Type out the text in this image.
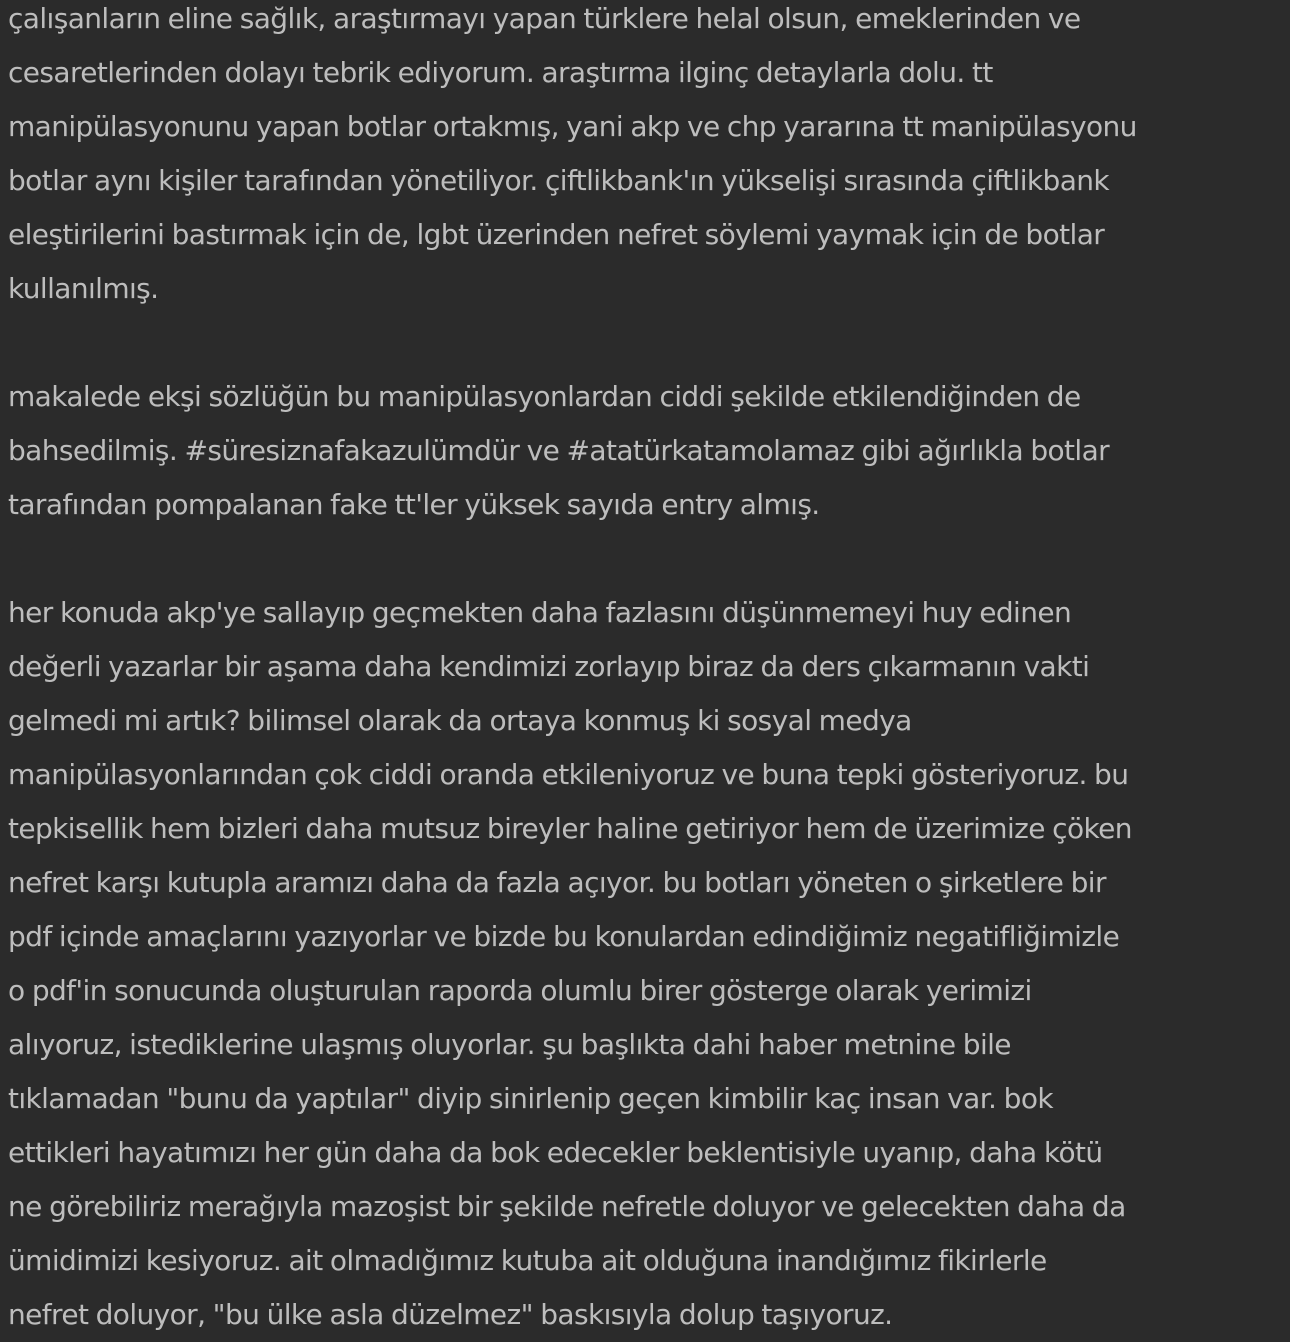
çalışanların eline sağlık, araştırmayı yapan türklere helal olsun, emeklerinden ve
cesaretlerinden dolayı tebrik ediyorum. araştırma ilginç detaylarla dolu. tt
manipülasyonunu yapan botlar ortakmış, yani akp ve chp yararına tt manipülasyonu
botlar aynı kişiler tarafından yönetiliyor. çiftlikbank'ın yükselişi sırasında çiftlikbank
eleştirilerini bastırmak için de, lgbt üzerinden nefret söylemi yaymak için de botlar
kullanılmış.
makalede ekşi sözlüğün bu manipülasyonlardan ciddi şekilde etkilendiğinden de
bahsedilmiş. #süresiznafakazulümdür ve #atatürkatamolamaz gibi ağırlıkla botlar
tarafından pompalanan fake tt'ler yüksek sayıda entry almış.
her konuda akp'ye sallayıp geçmekten daha fazlasını düşünmemeyi huy edinen
değerli yazarlar bir aşama daha kendimizi zorlayıp biraz da ders çıkarmanın vakti
gelmedi mi artık? bilimsel olarak da ortaya konmuş ki sosyal medya
manipülasyonlarından çok ciddi oranda etkileniyoruz ve buna tepki gösteriyoruz. bu
tepkisellik hem bizleri daha mutsuz bireyler haline getiriyor hem de üzerimize çöken
nefret karşı kutupla aramızı daha da fazla açıyor. bu botları yöneten o şirketlere bir
pdf içinde amaçlarını yazıyorlar ve bizde bu konulardan edindiğimiz negatifliğimizle
o pdf'in sonucunda oluşturulan raporda olumlu birer gösterge olarak yerimizi
alıyoruz, istediklerine ulaşmış oluyorlar. şu başlıkta dahi haber metnine bile
tıklamadan "bunu da yaptılar" diyip sinirlenip geçen kimbilir kaç insan var. bok
ettikleri hayatımızı her gün daha da bok edecekler beklentisiyle uyanıp, daha kötü
ne görebiliriz merağıyla mazoşist bir şekilde nefretle doluyor ve gelecekten daha da
ümidimizi kesiyoruz. ait olmadığımız kutuba ait olduğuna inandığımız fikirlerle
nefret doluyor, "bu ülke asla düzelmez" baskısıyla dolup taşıyoruz.
